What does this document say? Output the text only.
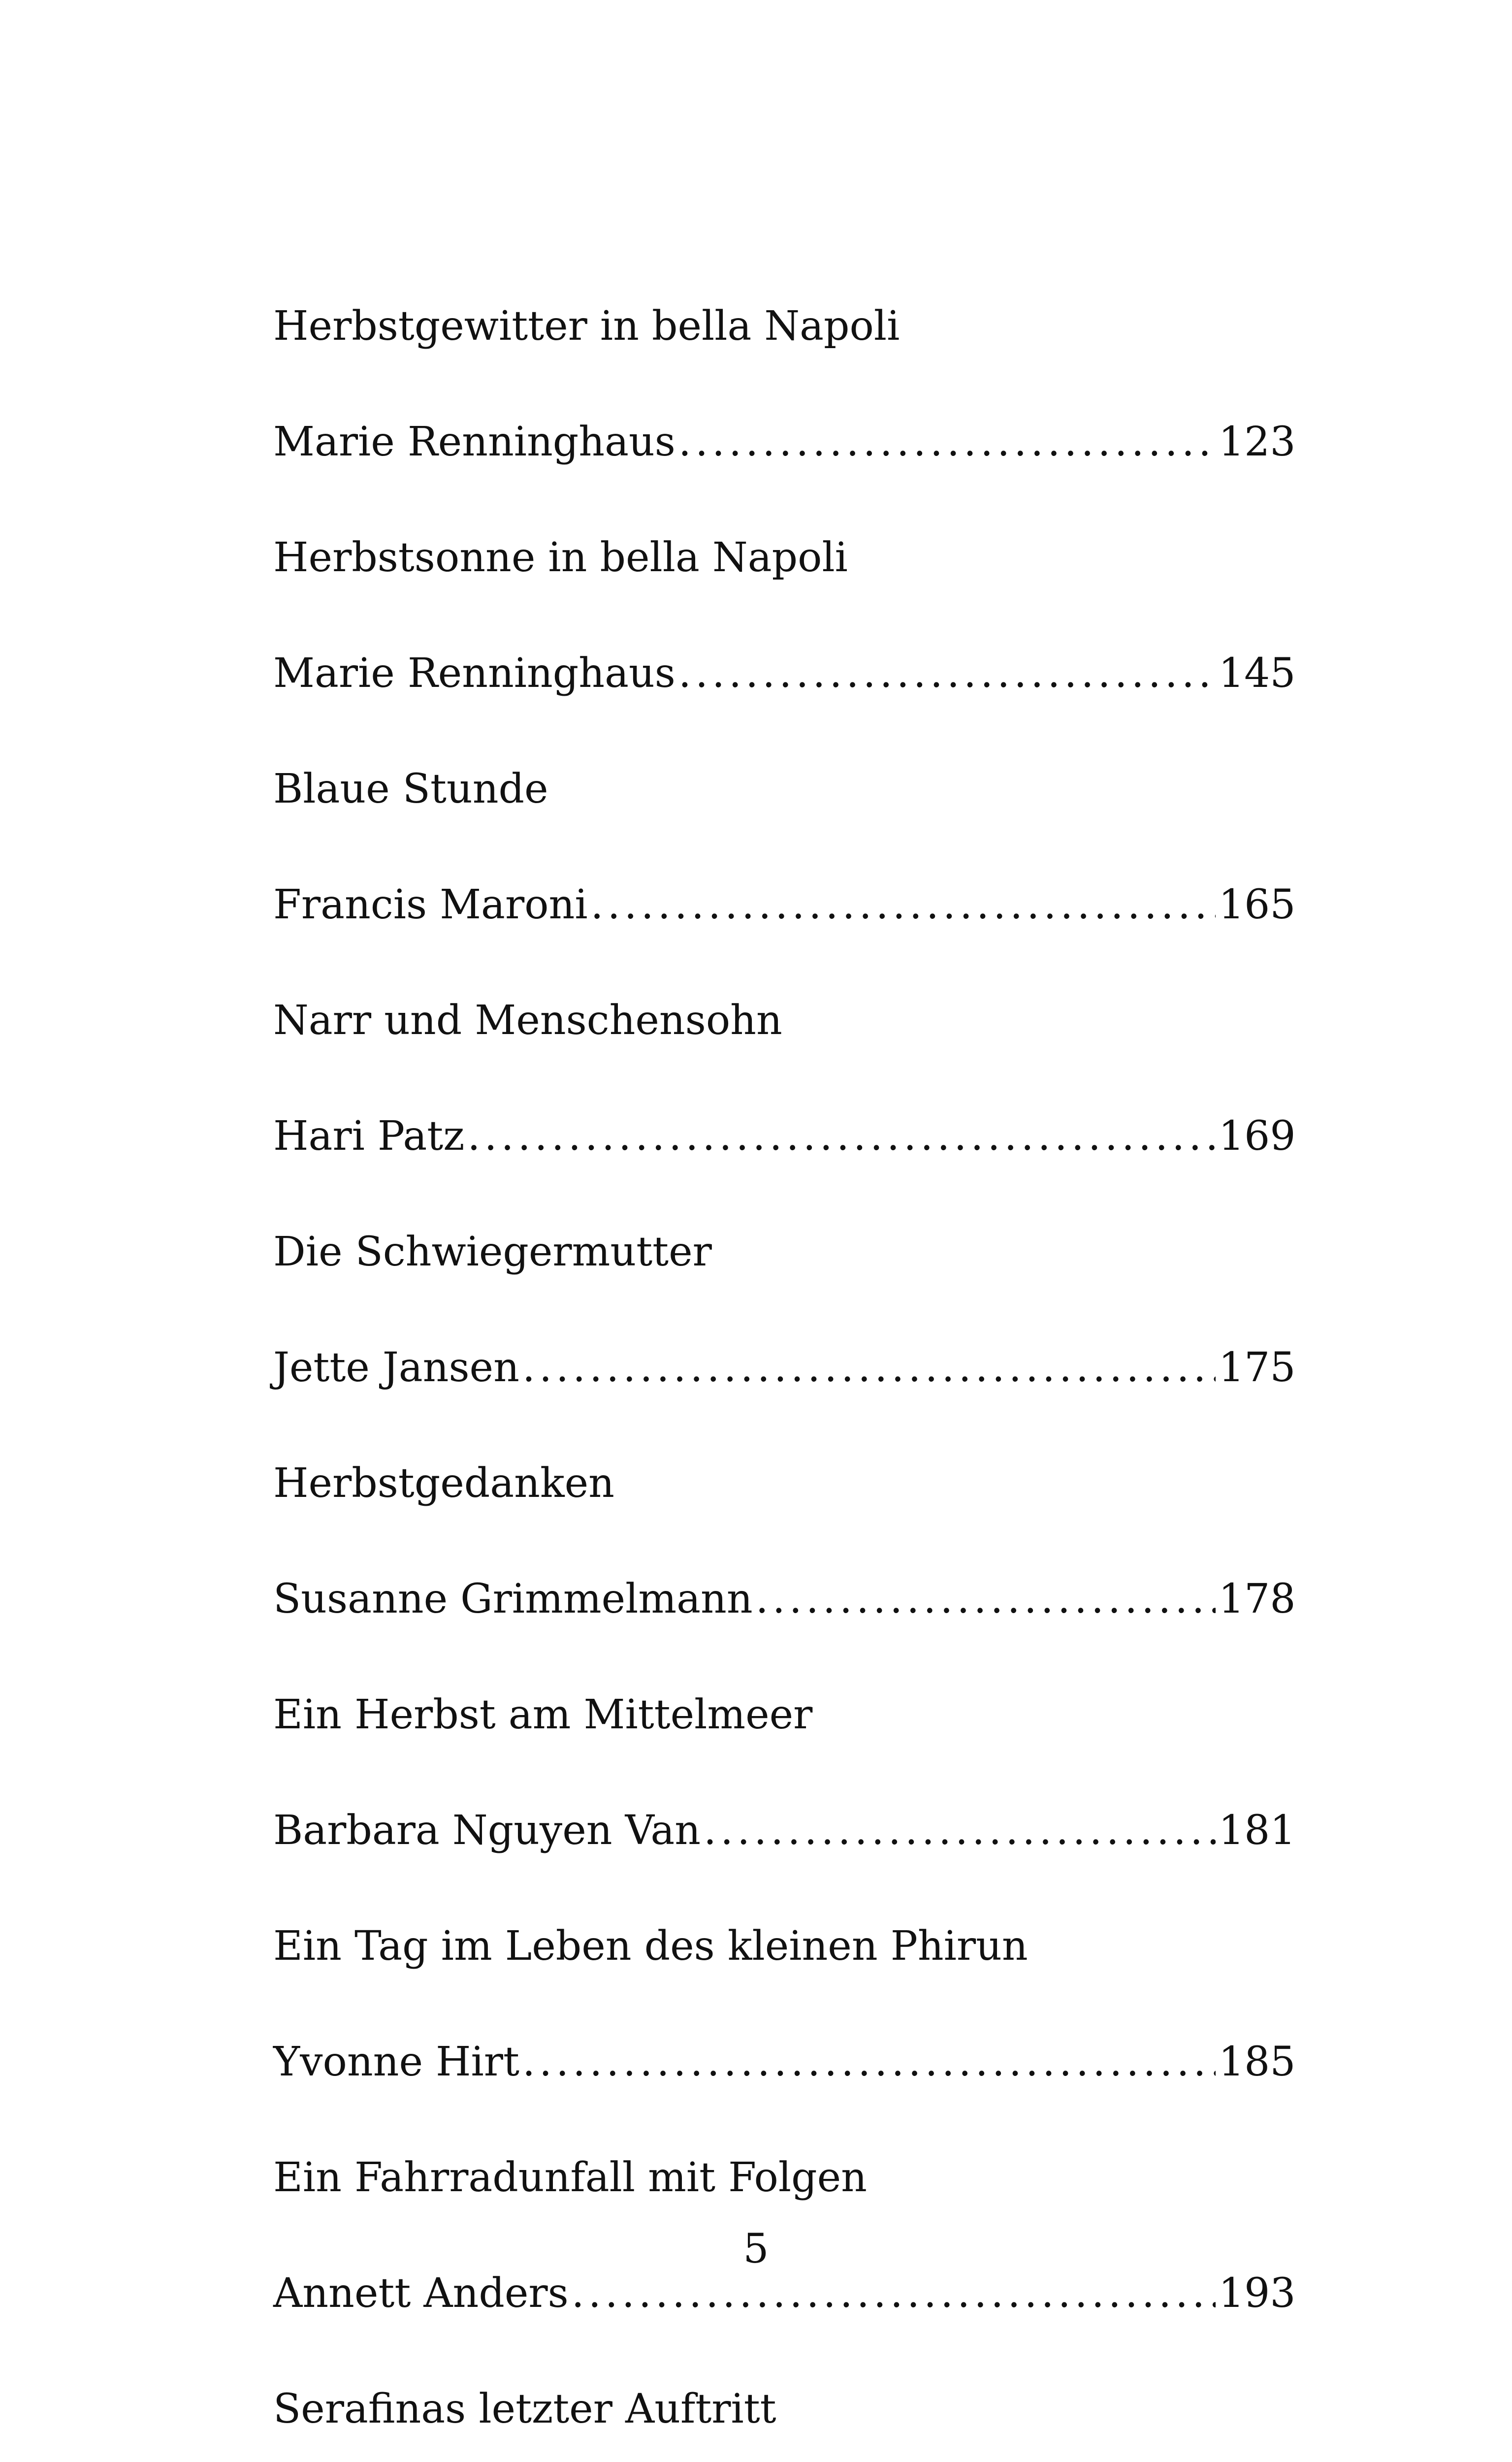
Herbstgewitter in bella Napoli
Marie Renninghaus .....	123
Herbstsonne in bella Napoli
Marie Renninghaus .....	145
Blaue Stunde
Francis Maroni .....	165
Narr und Menschensohn
Hari Patz .....	169
Die Schwiegermutter
Jette Jansen .....	175
Herbstgedanken
Susanne Grimmelmann .....	178
Ein Herbst am Mittelmeer
Barbara Nguyen Van .....	181
Ein Tag im Leben des kleinen Phirun
Yvonne Hirt .....	185
Ein Fahrradunfall mit Folgen
Annett Anders .....	193
Serafinas letzter Auftritt
5
